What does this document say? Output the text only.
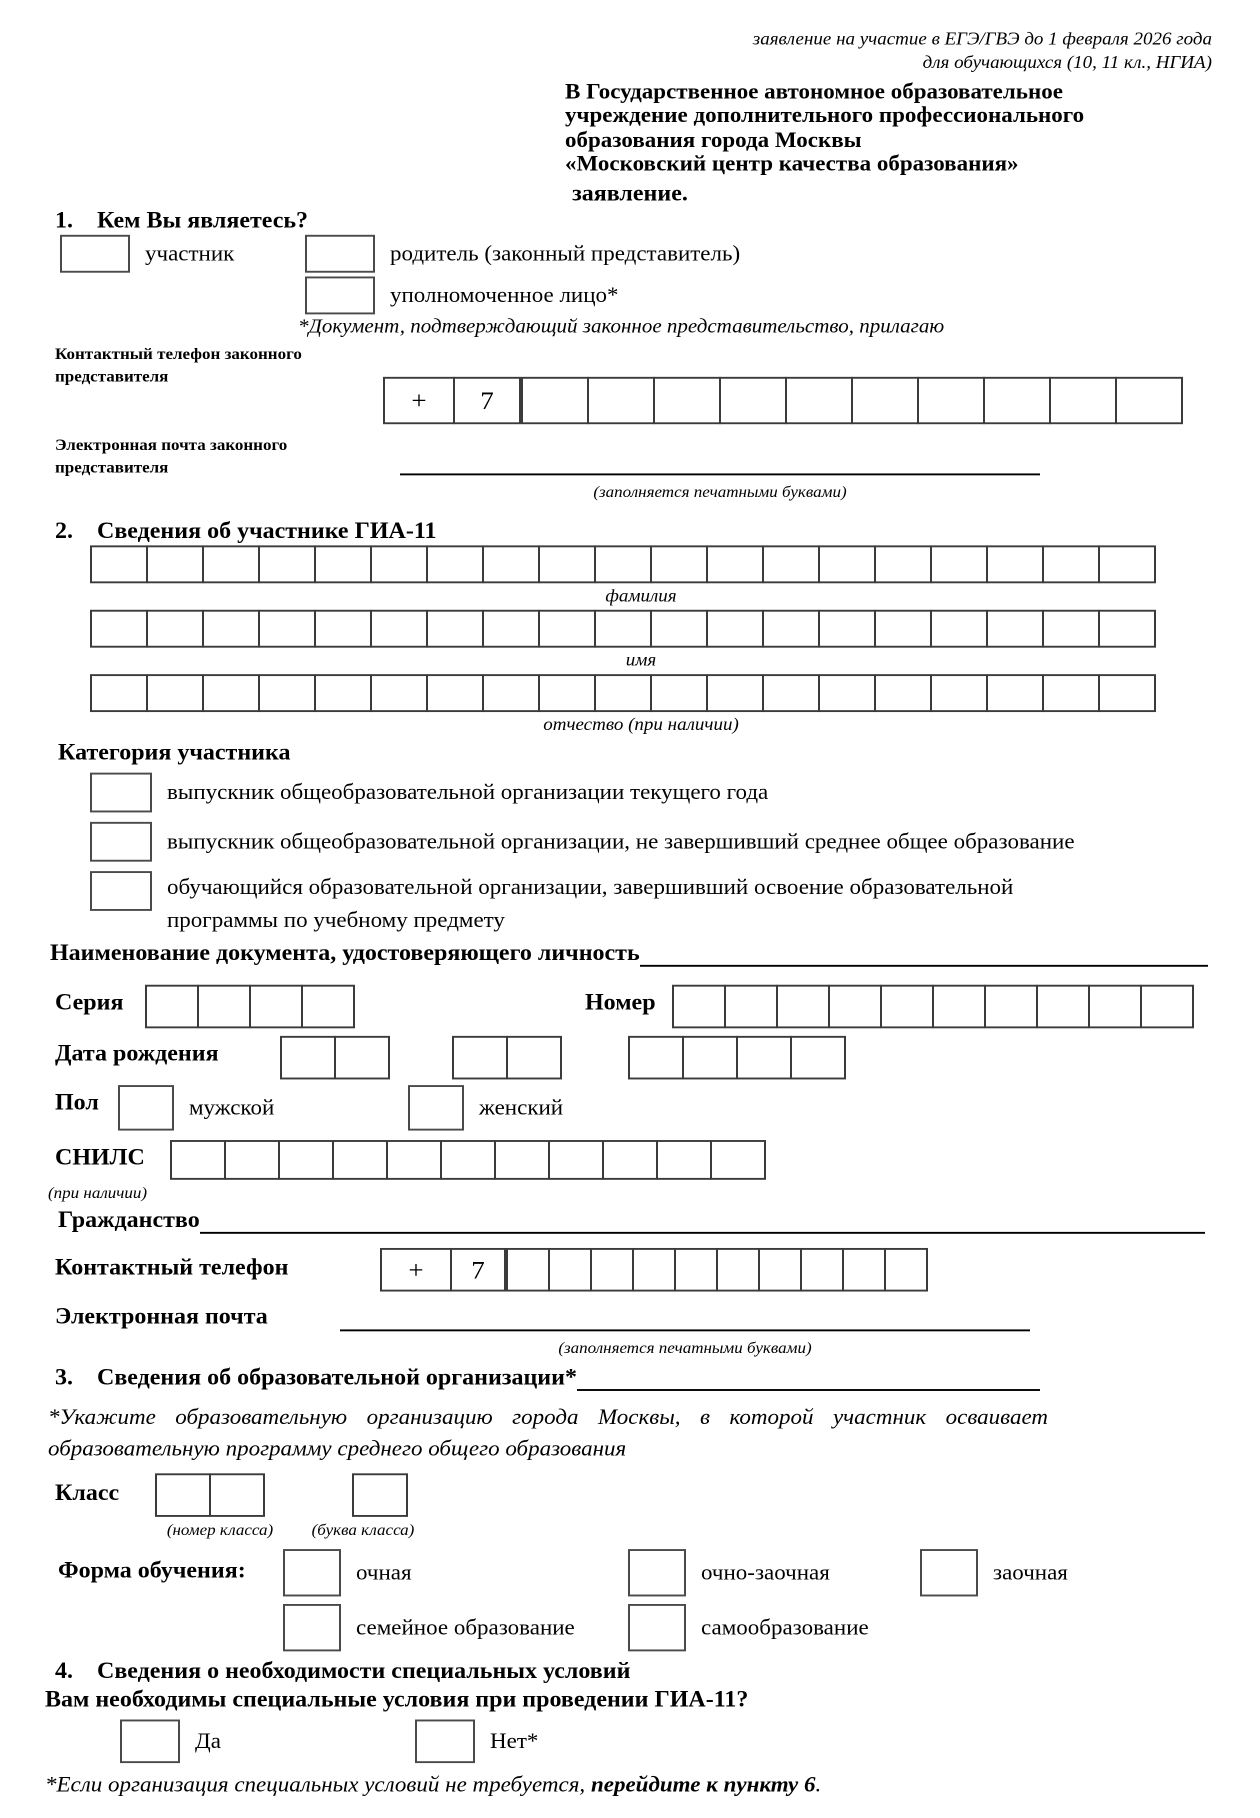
заявление на участие в ЕГЭ/ГВЭ до 1 февраля 2026 года
для обучающихся (10, 11 кл., НГИА)
В Государственное автономное образовательное
учреждение дополнительного профессионального
образования города Москвы
«Московский центр качества образования»
заявление.
1. Кем Вы являетесь?
участник	родитель (законный представитель)
уполномоченное лицо*
*Документ, подтверждающий законное представительство, прилагаю
Контактный телефон законного представителя
+	7
Электронная почта законного представителя
(заполняется печатными буквами)
2. Сведения об участнике ГИА-11
фамилия
имя
отчество (при наличии)
Категория участника
выпускник общеобразовательной организации текущего года
выпускник общеобразовательной организации, не завершивший среднее общее образование
обучающийся образовательной организации, завершивший освоение образовательной программы по учебному предмету
Наименование документа, удостоверяющего личность
Серия	Номер
Дата рождения
Пол	мужской	женский
СНИЛС
(при наличии)
Гражданство
Контактный телефон	+	7
Электронная почта
(заполняется печатными буквами)
3. Сведения об образовательной организации*
*Укажите образовательную организацию города Москвы, в которой участник осваивает образовательную программу среднего общего образования
Класс
(номер класса)	(буква класса)
Форма обучения:	очная	очно-заочная	заочная
семейное образование	самообразование
4. Сведения о необходимости специальных условий
Вам необходимы специальные условия при проведении ГИА-11?
Да	Нет*
*Если организация специальных условий не требуется, перейдите к пункту 6.
